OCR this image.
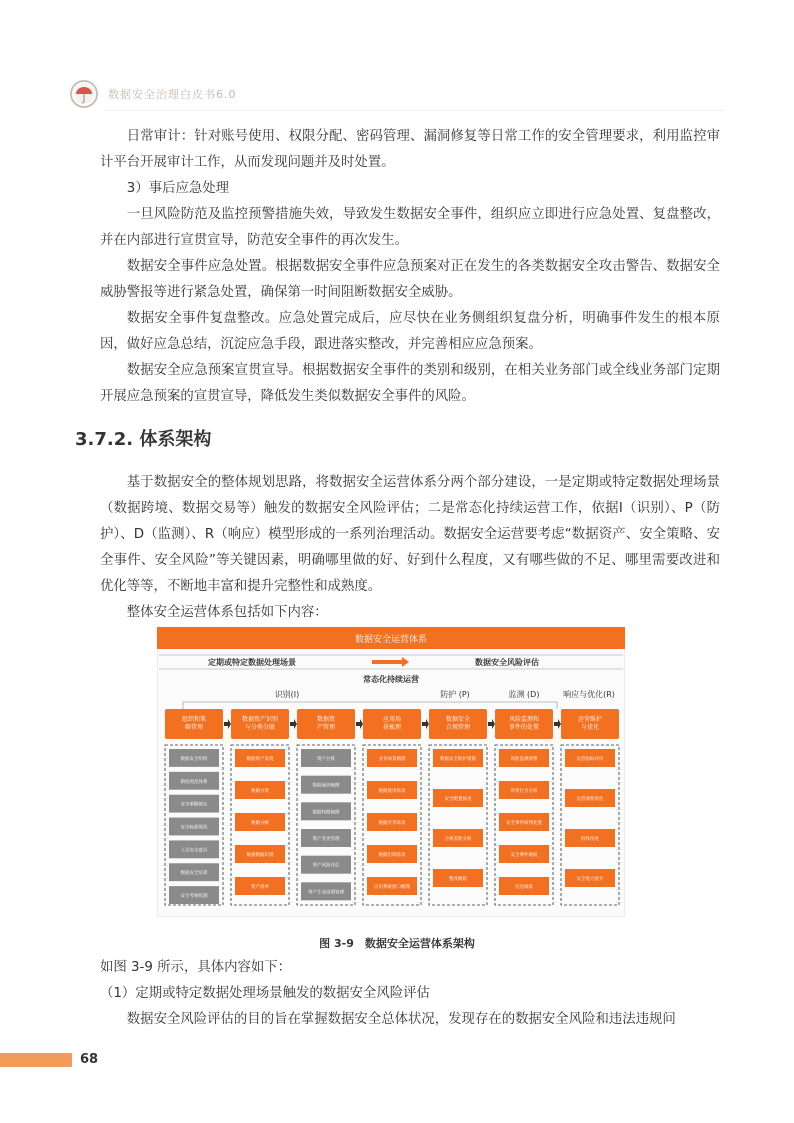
数据安全治理白皮书6.0

日常审计：针对账号使用、权限分配、密码管理、漏洞修复等日常工作的安全管理要求，利用监控审计平台开展审计工作，从而发现问题并及时处置。

3）事后应急处理

一旦风险防范及监控预警措施失效，导致发生数据安全事件，组织应立即进行应急处置、复盘整改，并在内部进行宣贯宣导，防范安全事件的再次发生。

数据安全事件应急处置。根据数据安全事件应急预案对正在发生的各类数据安全攻击警告、数据安全威胁警报等进行紧急处置，确保第一时间阻断数据安全威胁。

数据安全事件复盘整改。应急处置完成后，应尽快在业务侧组织复盘分析，明确事件发生的根本原因，做好应急总结，沉淀应急手段，跟进落实整改，并完善相应应急预案。

数据安全应急预案宣贯宣导。根据数据安全事件的类别和级别，在相关业务部门或全线业务部门定期开展应急预案的宣贯宣导，降低发生类似数据安全事件的风险。

3.7.2. 体系架构

基于数据安全的整体规划思路，将数据安全运营体系分两个部分建设，一是定期或特定数据处理场景（数据跨境、数据交易等）触发的数据安全风险评估；二是常态化持续运营工作，依据I（识别）、P（防护）、D（监测）、R（响应）模型形成的一系列治理活动。数据安全运营要考虑“数据资产、安全策略、安全事件、安全风险”等关键因素，明确哪里做的好、好到什么程度，又有哪些做的不足、哪里需要改进和优化等等，不断地丰富和提升完整性和成熟度。

整体安全运营体系包括如下内容：

数据安全运营体系
定期或特定数据处理场景	数据安全风险评估
常态化持续运营
识别(I)	防护 (P)	监测 (D)	响应与优化(R)
组织和策略管理
数据安全组织
制度规范体系
安全策略制定
安全标准规范
人员安全意识
数据安全培训
安全考核机制
数据资产识别与分类分级
数据资产发现
数据分类
数据分级
敏感数据识别
资产清单
数据资产管理
资产台账
数据流向梳理
数据权限梳理
资产变更管理
资产风险评估
资产生命周期管理
应用场景梳理
业务场景梳理
数据使用场景
数据共享场景
数据出境场景
应用系统接口梳理
数据安全合规管理
数据安全防护措施
安全配置核查
合规差距分析
整改跟踪
风险监测和事件的处置
风险监测预警
异常行为分析
安全事件研判处置
安全事件通报
应急演练
运营维护与优化
运营指标评价
运营流程优化
持续改进
安全能力提升
图 3-9　数据安全运营体系架构

如图 3-9 所示，具体内容如下：

（1）定期或特定数据处理场景触发的数据安全风险评估

数据安全风险评估的目的旨在掌握数据安全总体状况，发现存在的数据安全风险和违法违规问

68
